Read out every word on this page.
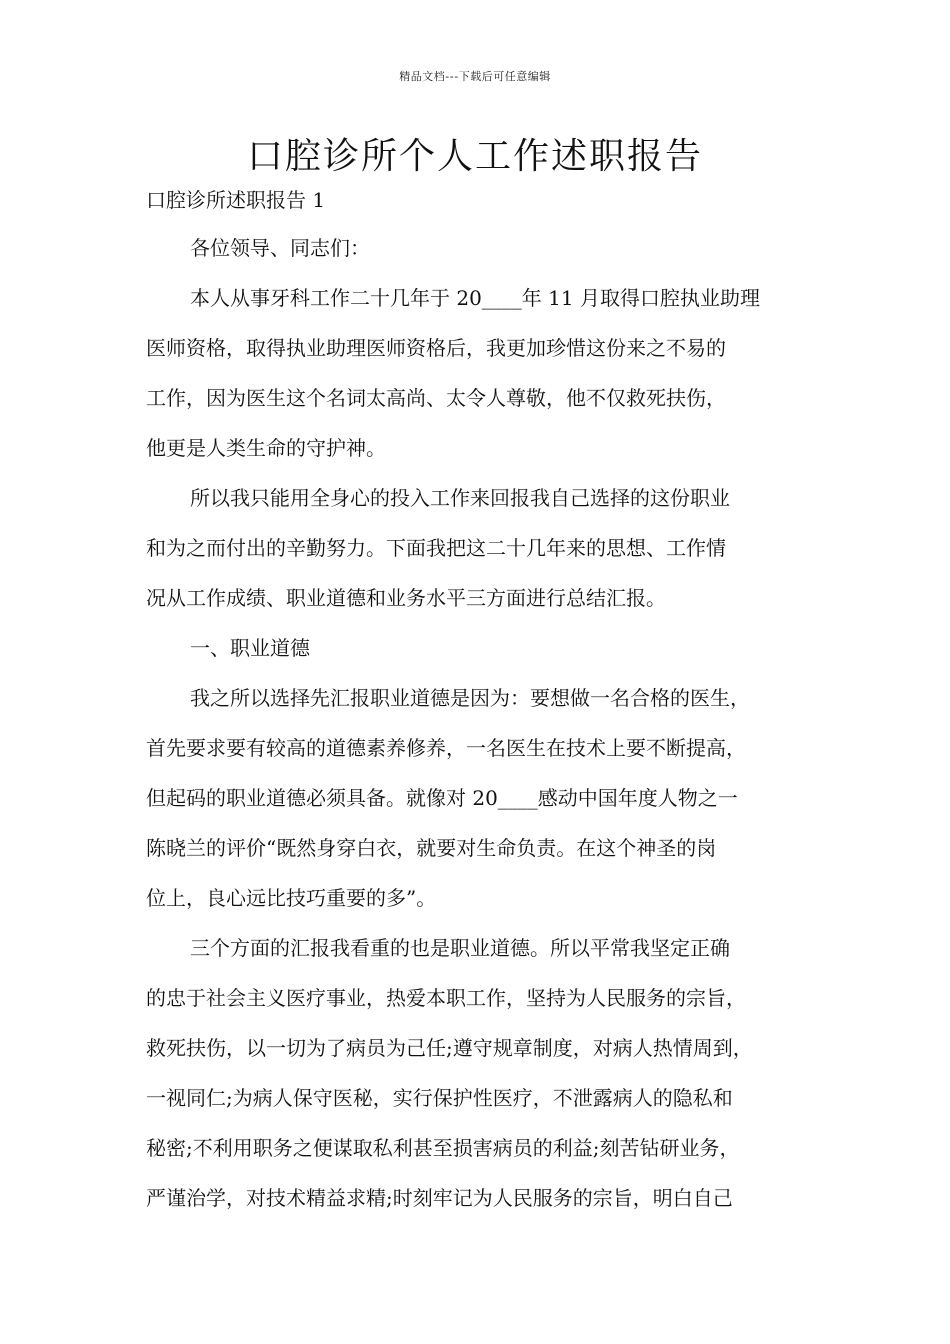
精品文档---下载后可任意编辑
口腔诊所个人工作述职报告
口腔诊所述职报告 1
各位领导、同志们：
本人从事牙科工作二十几年于 20____年 11 月取得口腔执业助理
医师资格，取得执业助理医师资格后，我更加珍惜这份来之不易的
工作，因为医生这个名词太高尚、太令人尊敬，他不仅救死扶伤，
他更是人类生命的守护神。
所以我只能用全身心的投入工作来回报我自己选择的这份职业
和为之而付出的辛勤努力。下面我把这二十几年来的思想、工作情
况从工作成绩、职业道德和业务水平三方面进行总结汇报。
一、职业道德
我之所以选择先汇报职业道德是因为：要想做一名合格的医生，
首先要求要有较高的道德素养修养，一名医生在技术上要不断提高，
但起码的职业道德必须具备。就像对 20____感动中国年度人物之一
陈晓兰的评价“既然身穿白衣，就要对生命负责。在这个神圣的岗
位上，良心远比技巧重要的多”。
三个方面的汇报我看重的也是职业道德。所以平常我坚定正确
的忠于社会主义医疗事业，热爱本职工作，坚持为人民服务的宗旨，
救死扶伤，以一切为了病员为己任;遵守规章制度，对病人热情周到，
一视同仁;为病人保守医秘，实行保护性医疗，不泄露病人的隐私和
秘密;不利用职务之便谋取私利甚至损害病员的利益;刻苦钻研业务，
严谨治学，对技术精益求精;时刻牢记为人民服务的宗旨，明白自己
